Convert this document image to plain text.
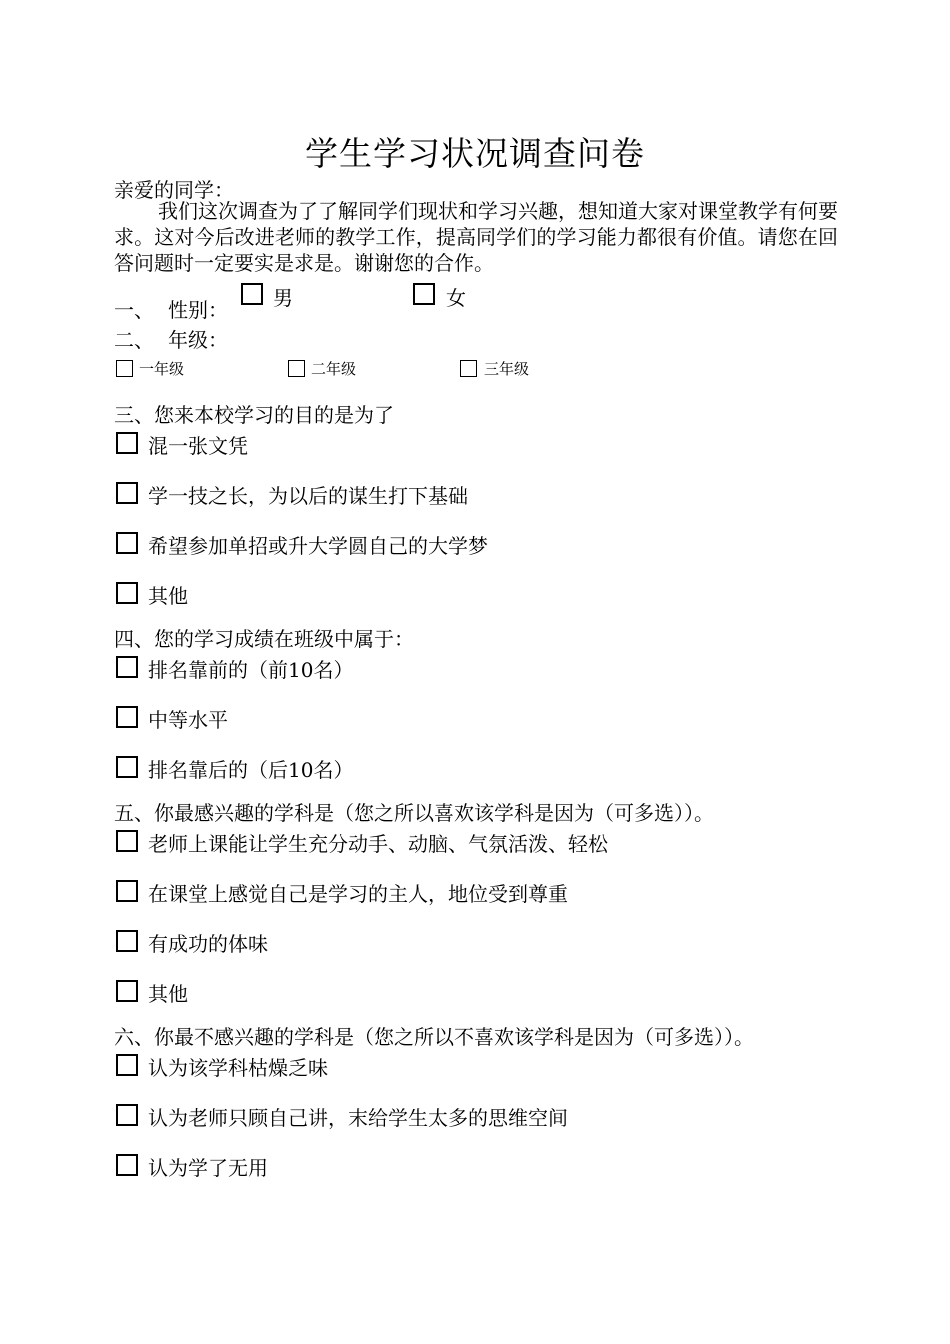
学生学习状况调查问卷
亲爱的同学：
我们这次调查为了了解同学们现状和学习兴趣，想知道大家对课堂教学有何要求。这对今后改进老师的教学工作，提高同学们的学习能力都很有价值。请您在回答问题时一定要实是求是。谢谢您的合作。
一、 性别： 男	女
二、 年级：
一年级	二年级	三年级
三、您来本校学习的目的是为了
混一张文凭
学一技之长，为以后的谋生打下基础
希望参加单招或升大学圆自己的大学梦
其他
四、您的学习成绩在班级中属于：
排名靠前的（前10名）
中等水平
排名靠后的（后10名）
五、你最感兴趣的学科是（您之所以喜欢该学科是因为（可多选））。
老师上课能让学生充分动手、动脑、气氛活泼、轻松
在课堂上感觉自己是学习的主人，地位受到尊重
有成功的体味
其他
六、你最不感兴趣的学科是（您之所以不喜欢该学科是因为（可多选））。
认为该学科枯燥乏味
认为老师只顾自己讲，末给学生太多的思维空间
认为学了无用
